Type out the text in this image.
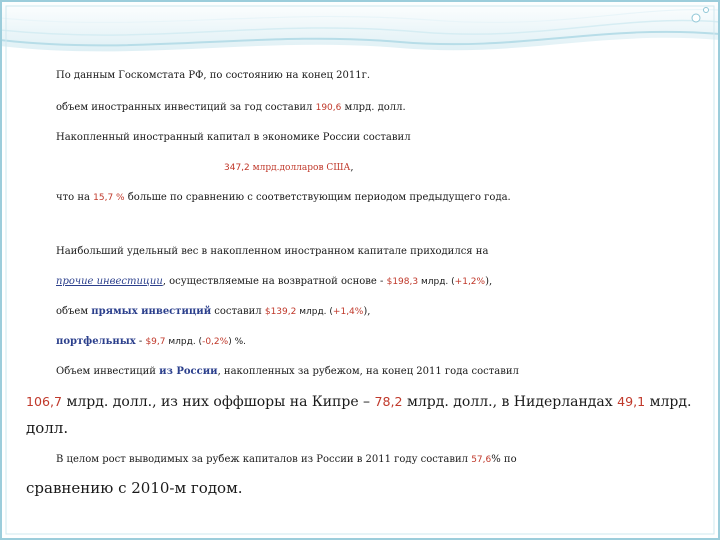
По данным Госкомстата РФ, по состоянию на конец 2011г.
объем иностранных инвестиций за год составил 190,6 млрд. долл.
Накопленный иностранный капитал в экономике России составил
347,2 млрд.долларов США,
что на 15,7 % больше по сравнению с соответствующим периодом предыдущего года.
Наибольший удельный вес в накопленном иностранном капитале приходился на
прочие инвестиции, осуществляемые на возвратной основе - $198,3 млрд. (+1,2%),
объем прямых инвестиций составил $139,2 млрд. (+1,4%),
портфельных - $9,7 млрд. (-0,2%) %.
Объем инвестиций из России, накопленных за рубежом, на конец 2011 года составил
106,7 млрд. долл., из них оффшоры на Кипре – 78,2 млрд. долл., в Нидерландах 49,1 млрд.
долл.
В целом рост выводимых за рубеж капиталов из России в 2011 году составил 57,6% по
сравнению с 2010-м годом.
